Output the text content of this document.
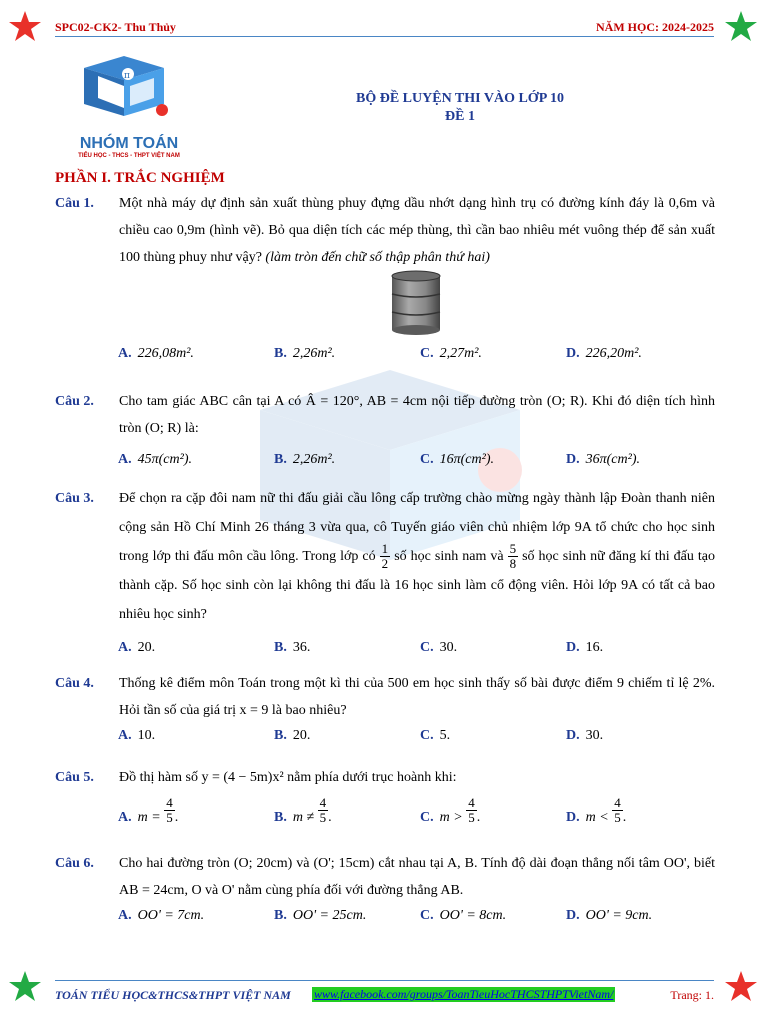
SPC02-CK2- Thu Thủy	NĂM HỌC: 2024-2025
π
NHÓM TOÁN
TIỂU HỌC - THCS - THPT VIỆT NAM
BỘ ĐỀ LUYỆN THI VÀO LỚP 10
ĐỀ 1
PHẦN I. TRẮC NGHIỆM
Câu 1. Một nhà máy dự định sản xuất thùng phuy đựng dầu nhớt dạng hình trụ có đường kính đáy là 0,6m và chiều cao 0,9m (hình vẽ). Bỏ qua diện tích các mép thùng, thì cần bao nhiêu mét vuông thép để sản xuất 100 thùng phuy như vậy? (làm tròn đến chữ số thập phân thứ hai)
A. 226,08m².	B. 2,26m².	C. 2,27m².	D. 226,20m².
Câu 2. Cho tam giác ABC cân tại A có Â = 120°, AB = 4cm nội tiếp đường tròn (O; R). Khi đó diện tích hình tròn (O; R) là:
A. 45π(cm²).	B. 2,26m².	C. 16π(cm²).	D. 36π(cm²).
Câu 3. Để chọn ra cặp đôi nam nữ thi đấu giải cầu lông cấp trường chào mừng ngày thành lập Đoàn thanh niên cộng sản Hồ Chí Minh 26 tháng 3 vừa qua, cô Tuyến giáo viên chủ nhiệm lớp 9A tổ chức cho học sinh trong lớp thi đấu môn cầu lông. Trong lớp có $\frac{1}{2}$ số học sinh nam và $\frac{5}{8}$ số học sinh nữ đăng kí thi đấu tạo thành cặp. Số học sinh còn lại không thi đấu là 16 học sinh làm cổ động viên. Hỏi lớp 9A có tất cả bao nhiêu học sinh?
A. 20.	B. 36.	C. 30.	D. 16.
Câu 4. Thống kê điểm môn Toán trong một kì thi của 500 em học sinh thấy số bài được điểm 9 chiếm tỉ lệ 2%. Hỏi tần số của giá trị x = 9 là bao nhiêu?
A. 10.	B. 20.	C. 5.	D. 30.
Câu 5. Đồ thị hàm số y = (4 − 5m)x² nằm phía dưới trục hoành khi:
A. $m = \frac{4}{5}$ .	B. $m \ne \frac{4}{5}$ .	C. $m > \frac{4}{5}$ .	D. $m < \frac{4}{5}$ .
Câu 6. Cho hai đường tròn (O; 20cm) và (O'; 15cm) cắt nhau tại A, B. Tính độ dài đoạn thẳng nối tâm OO', biết AB = 24cm, O và O' nằm cùng phía đối với đường thẳng AB.
A. OO' = 7cm.	B. OO' = 25cm.	C. OO' = 8cm.	D. OO' = 9cm.
TOÁN TIỂU HỌC&THCS&THPT VIỆT NAM www.facebook.com/groups/ToanTieuHocTHCSTHPTVietNam/	Trang: 1.
